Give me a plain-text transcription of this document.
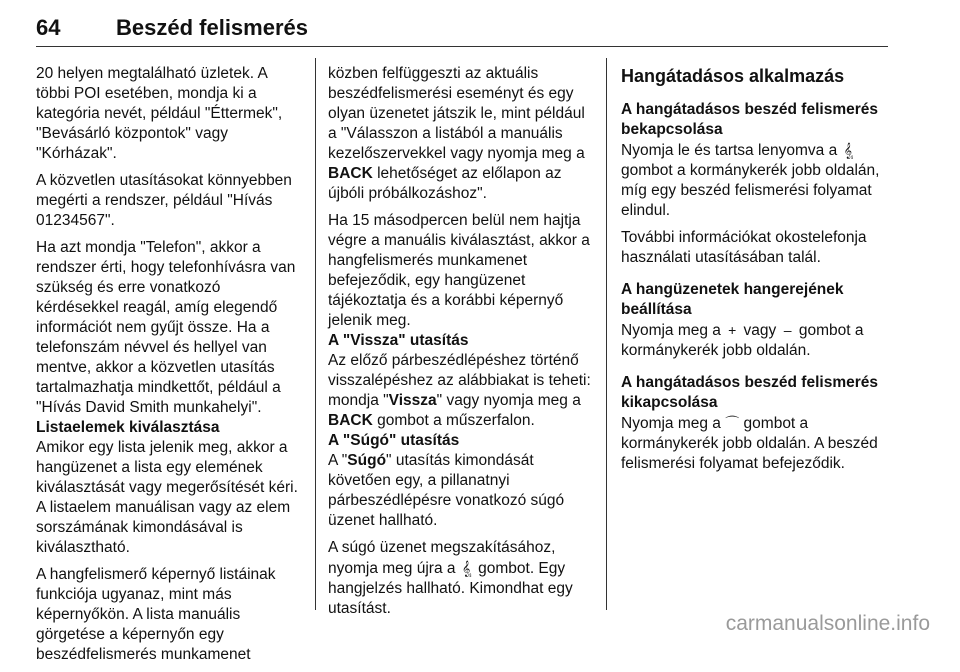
64	Beszéd felismerés

20 helyen megtalálható üzletek. A többi POI esetében, mondja ki a kategória nevét, például "Éttermek", "Bevásárló központok" vagy "Kórházak".

A közvetlen utasításokat könnyebben megérti a rendszer, például "Hívás 01234567".

Ha azt mondja "Telefon", akkor a rendszer érti, hogy telefonhívásra van szükség és erre vonatkozó kérdésekkel reagál, amíg elegendő információt nem gyűjt össze. Ha a telefonszám névvel és hellyel van mentve, akkor a közvetlen utasítás tartalmazhatja mindkettőt, például a "Hívás David Smith munkahelyi".

Listaelemek kiválasztása

Amikor egy lista jelenik meg, akkor a hangüzenet a lista egy elemének kiválasztását vagy megerősítését kéri. A listaelem manuálisan vagy az elem sorszámának kimondásával is kiválasztható.

A hangfelismerő képernyő listáinak funkciója ugyanaz, mint más képernyőkön. A lista manuális görgetése a képernyőn egy beszédfelismerés munkamenet

közben felfüggeszti az aktuális beszédfelismerési eseményt és egy olyan üzenetet játszik le, mint például a "Válasszon a listából a manuális kezelőszervekkel vagy nyomja meg a BACK lehetőséget az előlapon az újbóli próbálkozáshoz".

Ha 15 másodpercen belül nem hajtja végre a manuális kiválasztást, akkor a hangfelismerés munkamenet befejeződik, egy hangüzenet tájékoztatja és a korábbi képernyő jelenik meg.

A "Vissza" utasítás

Az előző párbeszédlépéshez történő visszalépéshez az alábbiakat is teheti: mondja "Vissza" vagy nyomja meg a BACK gombot a műszerfalon.

A "Súgó" utasítás

A "Súgó" utasítás kimondását követően egy, a pillanatnyi párbeszédlépésre vonatkozó súgó üzenet hallható.

A súgó üzenet megszakításához, nyomja meg újra a 𝄠 gombot. Egy hangjelzés hallható. Kimondhat egy utasítást.

Hangátadásos alkalmazás
A hangátadásos beszéd felismerés bekapcsolása

Nyomja le és tartsa lenyomva a 𝄠 gombot a kormánykerék jobb oldalán, míg egy beszéd felismerési folyamat elindul.

További információkat okostelefonja használati utasításában talál.

A hangüzenetek hangerejének beállítása

Nyomja meg a + vagy – gombot a kormánykerék jobb oldalán.

A hangátadásos beszéd felismerés kikapcsolása

Nyomja meg a ⌒ gombot a kormánykerék jobb oldalán. A beszéd felismerési folyamat befejeződik.

carmanualsonline.info
